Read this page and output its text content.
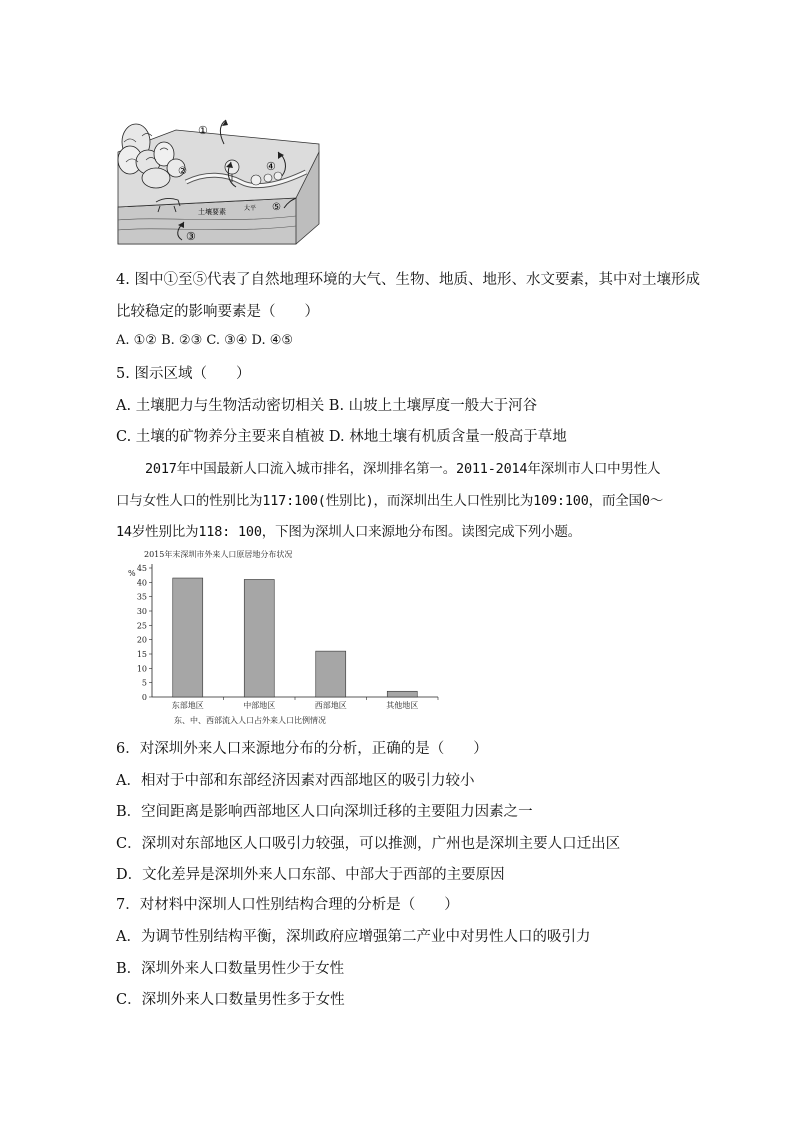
①
②
③
④
⑤
土壤要素	大平
4. 图中①至⑤代表了自然地理环境的大气、生物、地质、地形、水文要素，其中对土壤形成
比较稳定的影响要素是（　　）
A. ①② B. ②③ C. ③④ D. ④⑤
5. 图示区域（　　）
A. 土壤肥力与生物活动密切相关 B. 山坡上土壤厚度一般大于河谷
C. 土壤的矿物养分主要来自植被 D. 林地土壤有机质含量一般高于草地
2017年中国最新人口流入城市排名，深圳排名第一。2011-2014年深圳市人口中男性人
口与女性人口的性别比为117:100(性别比)，而深圳出生人口性别比为109:100，而全国0～
14岁性别比为118: 100，下图为深圳人口来源地分布图。读图完成下列小题。
2015年末深圳市外来人口原居地分布状况
%
0
5
10
15
20
25
30
35
40
45
东部地区	中部地区	西部地区	其他地区
东、中、西部流入人口占外来人口比例情况
6．对深圳外来人口来源地分布的分析，正确的是（　　）
A．相对于中部和东部经济因素对西部地区的吸引力较小
B．空间距离是影响西部地区人口向深圳迁移的主要阻力因素之一
C．深圳对东部地区人口吸引力较强，可以推测，广州也是深圳主要人口迁出区
D．文化差异是深圳外来人口东部、中部大于西部的主要原因
7．对材料中深圳人口性别结构合理的分析是（　　）
A．为调节性别结构平衡，深圳政府应增强第二产业中对男性人口的吸引力
B．深圳外来人口数量男性少于女性
C．深圳外来人口数量男性多于女性
